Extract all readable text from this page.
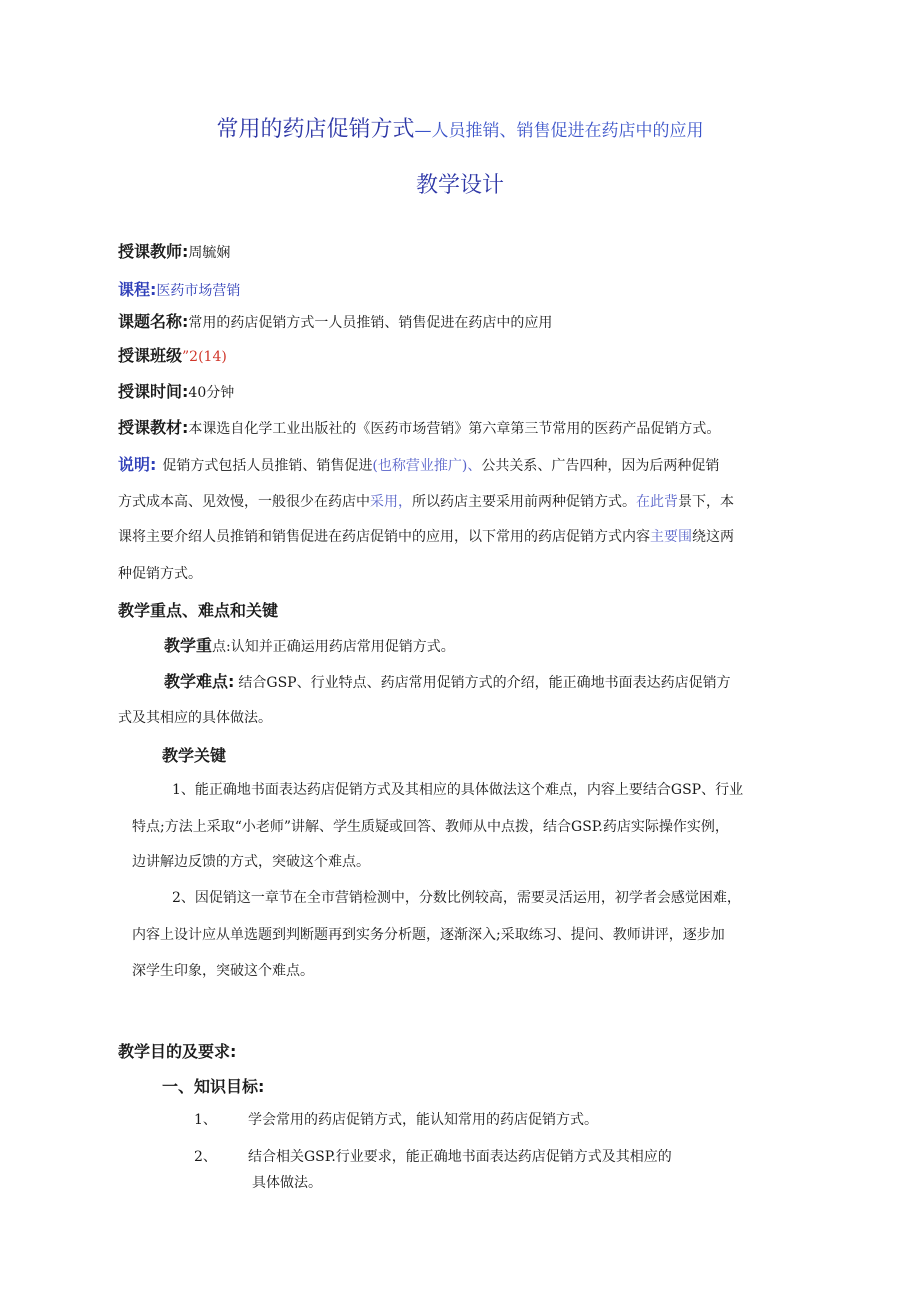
常用的药店促销方式—人员推销、销售促进在药店中的应用
教学设计
授课教师:周毓娴
课程:医药市场营销
课题名称:常用的药店促销方式一人员推销、销售促进在药店中的应用
授课班级”2(14)
授课时间:40分钟
授课教材:本课选自化学工业出版社的《医药市场营销》第六章第三节常用的医药产品促销方式。
说明: 促销方式包括人员推销、销售促进(也称营业推广)、公共关系、广告四种，因为后两种促销
方式成本高、见效慢，一般很少在药店中采用，所以药店主要采用前两种促销方式。在此背景下，本
课将主要介绍人员推销和销售促进在药店促销中的应用，以下常用的药店促销方式内容主要围绕这两
种促销方式。
教学重点、难点和关键
教学重点:认知并正确运用药店常用促销方式。
教学难点: 结合GSP、行业特点、药店常用促销方式的介绍，能正确地书面表达药店促销方
式及其相应的具体做法。
教学关键
1、能正确地书面表达药店促销方式及其相应的具体做法这个难点，内容上要结合GSP、行业
特点;方法上采取“小老师”讲解、学生质疑或回答、教师从中点拨，结合GSP.药店实际操作实例，
边讲解边反馈的方式，突破这个难点。
2、因促销这一章节在全市营销检测中，分数比例较高，需要灵活运用，初学者会感觉困难，
内容上设计应从单选题到判断题再到实务分析题，逐渐深入;采取练习、提问、教师讲评，逐步加
深学生印象，突破这个难点。
教学目的及要求:
一、知识目标:
1、 学会常用的药店促销方式，能认知常用的药店促销方式。
2、 结合相关GSP.行业要求，能正确地书面表达药店促销方式及其相应的
具体做法。
